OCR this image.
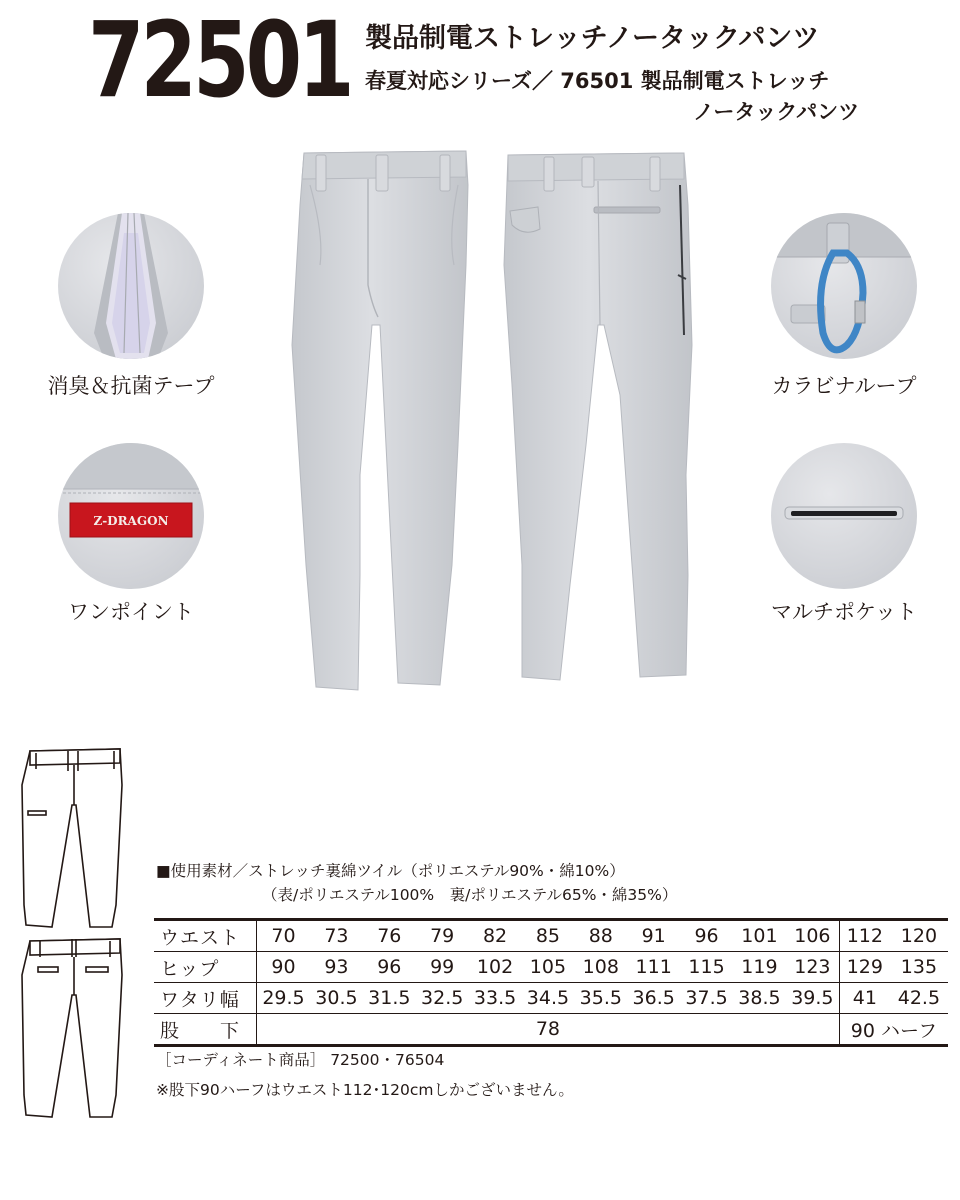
72501 製品制電ストレッチノータックパンツ
春夏対応シリーズ／ 76501 製品制電ストレッチ
ノータックパンツ
消臭＆抗菌テープ
Z-DRAGON
ワンポイント
カラビナループ
マルチポケット
■使用素材／ストレッチ裏綿ツイル（ポリエステル90%・綿10%）
（表/ポリエステル100%　裏/ポリエステル65%・綿35%）
ウエスト	70	73	76	79	82	85	88	91	96	101	106	112	120
ヒップ	90	93	96	99	102	105	108	111	115	119	123	129	135
ワタリ幅	29.5	30.5	31.5	32.5	33.5	34.5	35.5	36.5	37.5	38.5	39.5	41	42.5
股　　下	78											90 ハーフ	
［コーディネート商品］ 72500・76504
※股下90ハーフはウエスト112･120cmしかございません。
